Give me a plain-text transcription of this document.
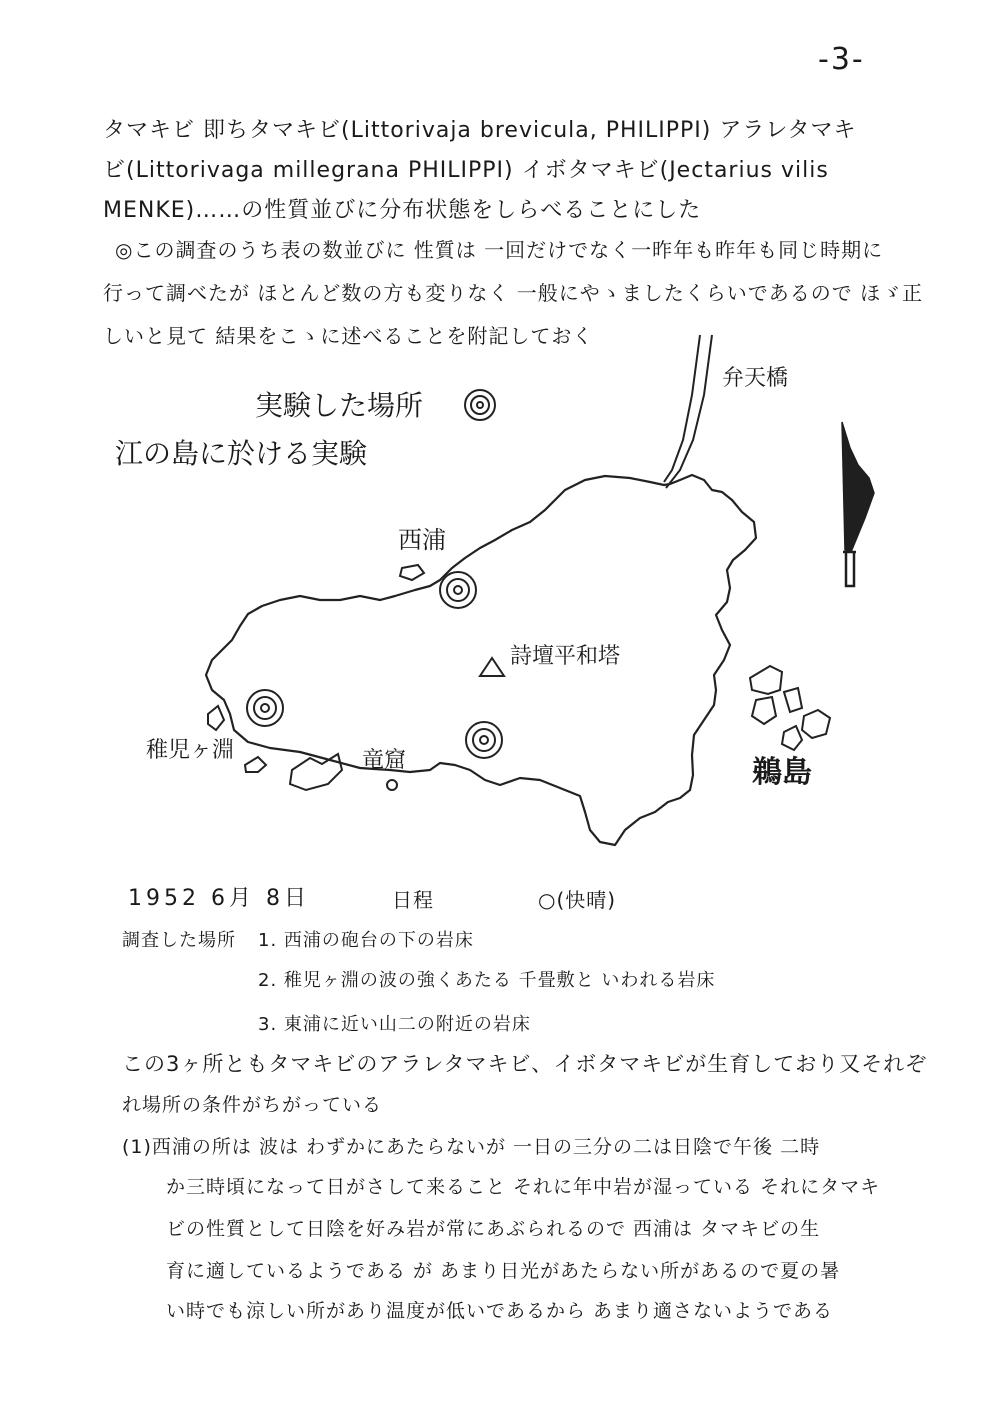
-3-
タマキビ 即ちタマキビ(Littorivaja brevicula, PHILIPPI) アラレタマキ
ビ(Littorivaga millegrana PHILIPPI) イボタマキビ(Jectarius vilis
MENKE)……の性質並びに分布状態をしらべることにした
◎この調査のうち表の数並びに 性質は 一回だけでなく一昨年も昨年も同じ時期に
行って調べたが ほとんど数の方も変りなく 一般にやゝましたくらいであるので ほゞ正
しいと見て 結果をこゝに述べることを附記しておく
実験した場所
江の島に於ける実験
弁天橋
西浦
詩壇平和塔
稚児ヶ淵	竜窟	鵜島
1952 6月 8日	日程	○(快晴)
調査した場所 1. 西浦の砲台の下の岩床
2. 稚児ヶ淵の波の強くあたる 千畳敷と いわれる岩床
3. 東浦に近い山二の附近の岩床
この3ヶ所ともタマキビのアラレタマキビ、イボタマキビが生育しており又それぞ
れ場所の条件がちがっている
(1)西浦の所は 波は わずかにあたらないが 一日の三分の二は日陰で午後 二時
か三時頃になって日がさして来ること それに年中岩が湿っている それにタマキ
ビの性質として日陰を好み岩が常にあぶられるので 西浦は タマキビの生
育に適しているようである が あまり日光があたらない所があるので夏の暑
い時でも涼しい所があり温度が低いであるから あまり適さないようである
